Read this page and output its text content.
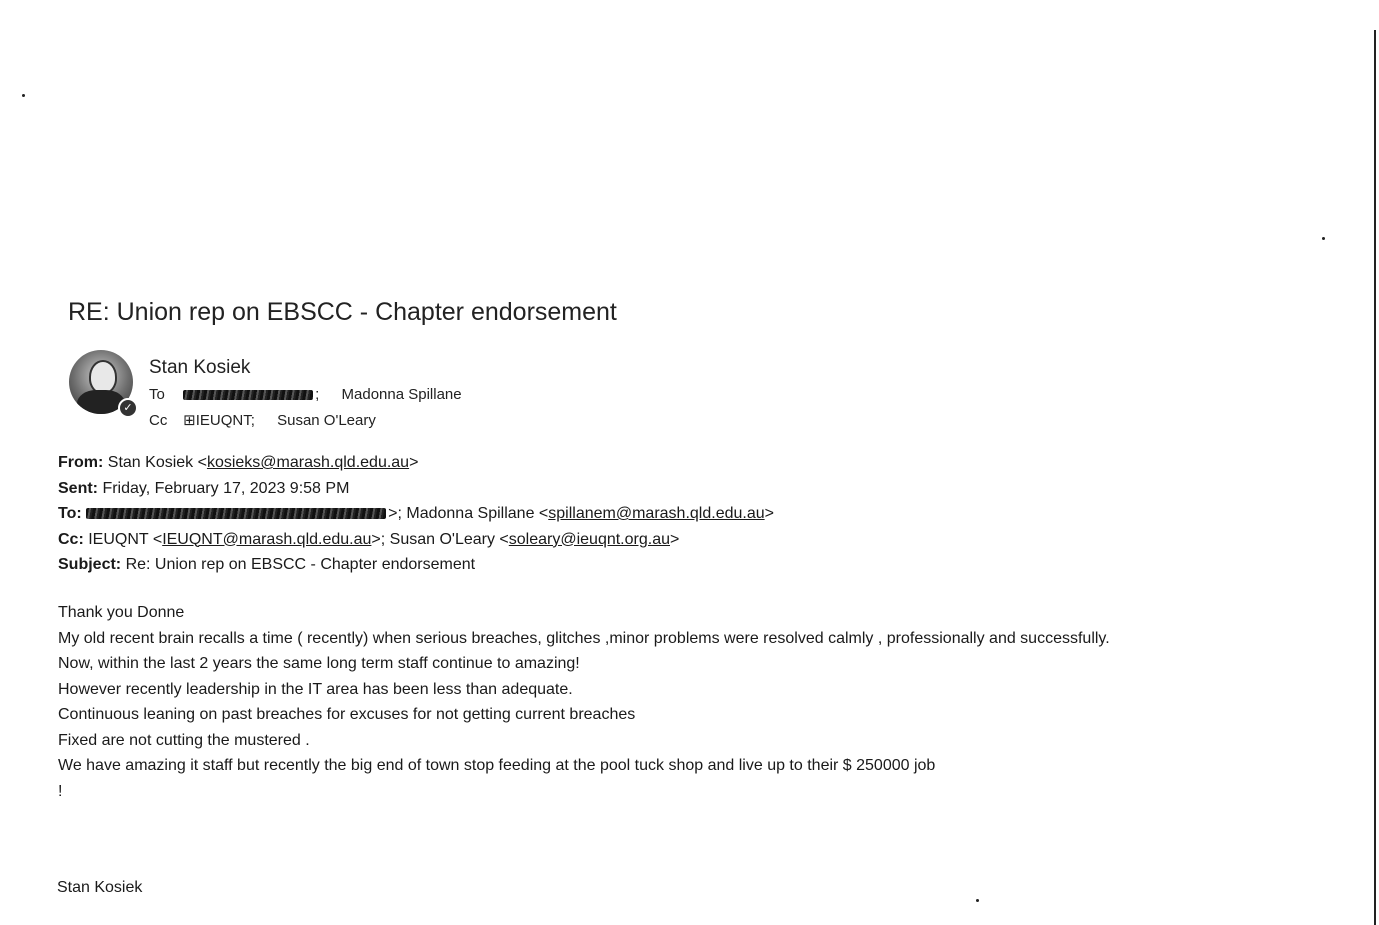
RE: Union rep on EBSCC - Chapter endorsement
✓
Stan Kosiek
To	; Madonna Spillane
Cc ⊞IEUQNT; Susan O'Leary
From: Stan Kosiek <kosieks@marash.qld.edu.au>
Sent: Friday, February 17, 2023 9:58 PM
To:	>; Madonna Spillane <spillanem@marash.qld.edu.au>
Cc: IEUQNT <IEUQNT@marash.qld.edu.au>; Susan O'Leary <soleary@ieuqnt.org.au>
Subject: Re: Union rep on EBSCC - Chapter endorsement
Thank you Donne
My old recent brain recalls a time ( recently) when serious breaches, glitches ,minor problems were resolved calmly , professionally and successfully.
Now, within the last 2 years the same long term staff continue to amazing!
However recently leadership in the IT area has been less than adequate.
Continuous leaning on past breaches for excuses for not getting current breaches
Fixed are not cutting the mustered .
We have amazing it staff but recently the big end of town stop feeding at the pool tuck shop and live up to their $ 250000 job
!
Stan Kosiek
